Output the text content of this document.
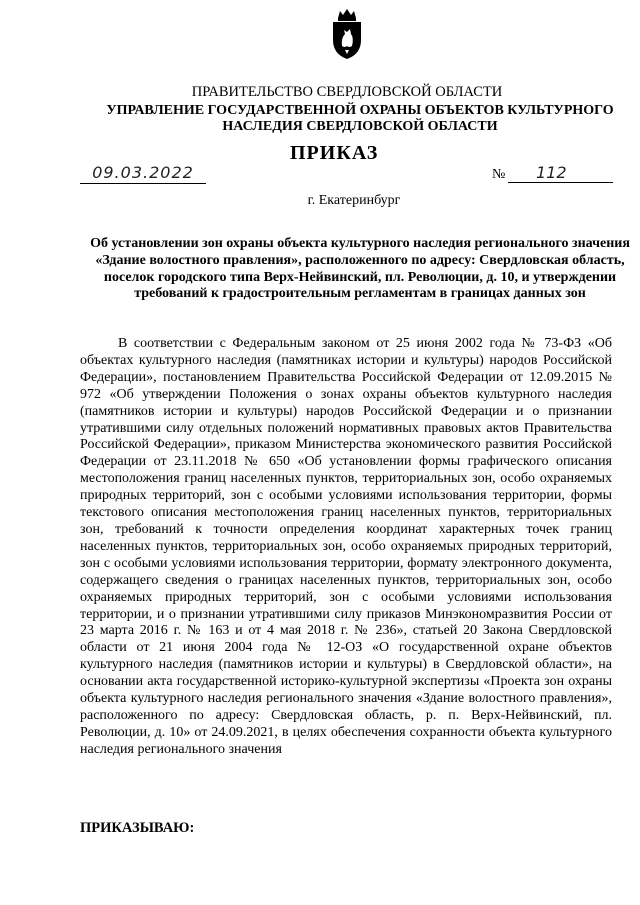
ПРАВИТЕЛЬСТВО СВЕРДЛОВСКОЙ ОБЛАСТИ
УПРАВЛЕНИЕ ГОСУДАРСТВЕННОЙ ОХРАНЫ ОБЪЕКТОВ КУЛЬТУРНОГО НАСЛЕДИЯ СВЕРДЛОВСКОЙ ОБЛАСТИ
ПРИКАЗ
09.03.2022	№	112
г. Екатеринбург
Об установлении зон охраны объекта культурного наследия регионального значения «Здание волостного правления», расположенного по адресу: Свердловская область, поселок городского типа Верх-Нейвинский, пл. Революции, д. 10, и утверждении требований к градостроительным регламентам в границах данных зон

В соответствии с Федеральным законом от 25 июня 2002 года № 73-ФЗ «Об объектах культурного наследия (памятниках истории и культуры) народов Российской Федерации», постановлением Правительства Российской Федерации от 12.09.2015 № 972 «Об утверждении Положения о зонах охраны объектов культурного наследия (памятников истории и культуры) народов Российской Федерации и о признании утратившими силу отдельных положений нормативных правовых актов Правительства Российской Федерации», приказом Министерства экономического развития Российской Федерации от 23.11.2018 № 650 «Об установлении формы графического описания местоположения границ населенных пунктов, территориальных зон, особо охраняемых природных территорий, зон с особыми условиями использования территории, формы текстового описания местоположения границ населенных пунктов, территориальных зон, требований к точности определения координат характерных точек границ населенных пунктов, территориальных зон, особо охраняемых природных территорий, зон с особыми условиями использования территории, формату электронного документа, содержащего сведения о границах населенных пунктов, территориальных зон, особо охраняемых природных территорий, зон с особыми условиями использования территории, и о признании утратившими силу приказов Минэкономразвития России от 23 марта 2016 г. № 163 и от 4 мая 2018 г. № 236», статьей 20 Закона Свердловской области от 21 июня 2004 года № 12-ОЗ «О государственной охране объектов культурного наследия (памятников истории и культуры) в Свердловской области», на основании акта государственной историко-культурной экспертизы «Проекта зон охраны объекта культурного наследия регионального значения «Здание волостного правления», расположенного по адресу: Свердловская область, р. п. Верх-Нейвинский, пл. Революции, д. 10» от 24.09.2021, в целях обеспечения сохранности объекта культурного наследия регионального значения

ПРИКАЗЫВАЮ:
